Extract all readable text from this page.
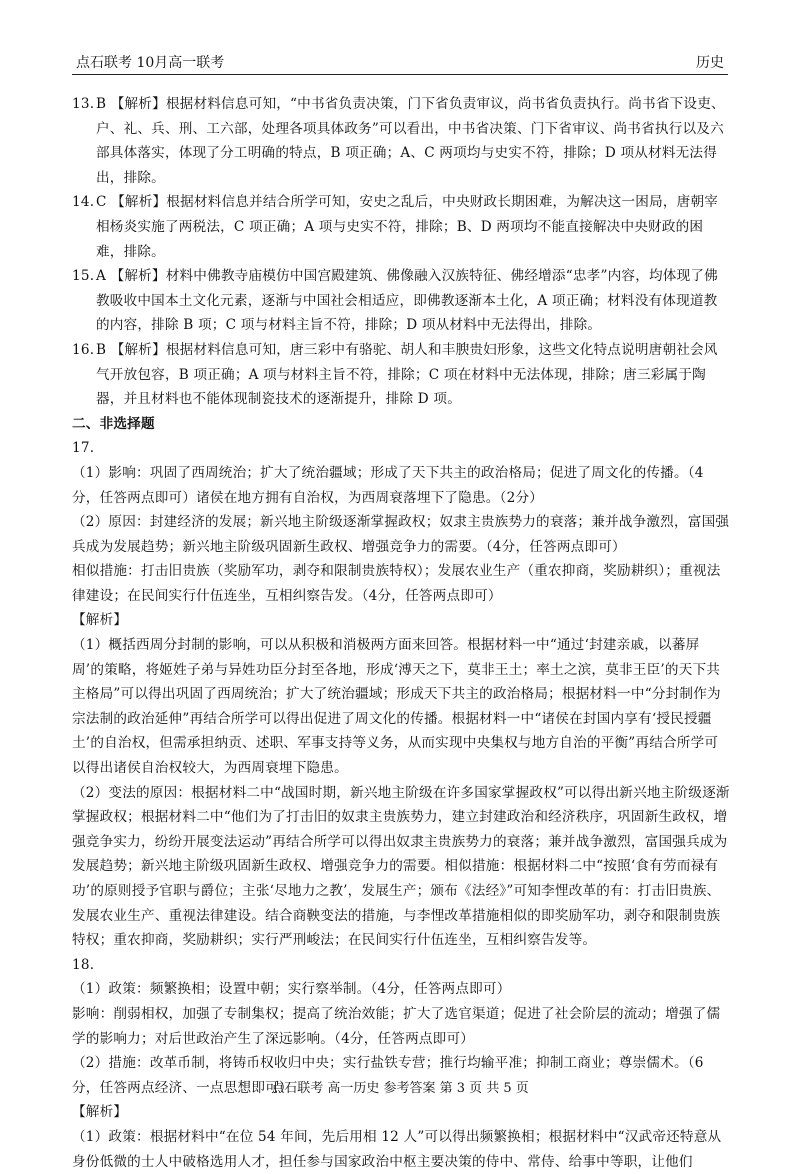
点石联考 10月高一联考	历史
13. B 【解析】根据材料信息可知，“中书省负责决策，门下省负责审议，尚书省负责执行。尚书省下设吏、户、礼、兵、刑、工六部，处理各项具体政务”可以看出，中书省决策、门下省审议、尚书省执行以及六部具体落实，体现了分工明确的特点，B 项正确；A、C 两项均与史实不符，排除；D 项从材料无法得出，排除。
14. C 【解析】根据材料信息并结合所学可知，安史之乱后，中央财政长期困难，为解决这一困局，唐朝宰相杨炎实施了两税法，C 项正确；A 项与史实不符，排除；B、D 两项均不能直接解决中央财政的困难，排除。
15. A 【解析】材料中佛教寺庙模仿中国宫殿建筑、佛像融入汉族特征、佛经增添“忠孝”内容，均体现了佛教吸收中国本土文化元素，逐渐与中国社会相适应，即佛教逐渐本土化，A 项正确；材料没有体现道教的内容，排除 B 项；C 项与材料主旨不符，排除；D 项从材料中无法得出，排除。
16. B 【解析】根据材料信息可知，唐三彩中有骆驼、胡人和丰腴贵妇形象，这些文化特点说明唐朝社会风气开放包容，B 项正确；A 项与材料主旨不符，排除；C 项在材料中无法体现，排除；唐三彩属于陶器，并且材料也不能体现制瓷技术的逐渐提升，排除 D 项。

二、非选择题

17.

（1）影响：巩固了西周统治；扩大了统治疆域；形成了天下共主的政治格局；促进了周文化的传播。（4分，任答两点即可）诸侯在地方拥有自治权，为西周衰落埋下了隐患。（2分）

（2）原因：封建经济的发展；新兴地主阶级逐渐掌握政权；奴隶主贵族势力的衰落；兼并战争激烈，富国强兵成为发展趋势；新兴地主阶级巩固新生政权、增强竞争力的需要。（4分，任答两点即可）

相似措施：打击旧贵族（奖励军功，剥夺和限制贵族特权）；发展农业生产（重农抑商，奖励耕织）；重视法律建设；在民间实行什伍连坐，互相纠察告发。（4分，任答两点即可）

【解析】

（1）概括西周分封制的影响，可以从积极和消极两方面来回答。根据材料一中“通过‘封建亲戚，以蕃屏周’的策略，将姬姓子弟与异姓功臣分封至各地，形成‘溥天之下，莫非王土；率土之滨，莫非王臣’的天下共主格局”可以得出巩固了西周统治；扩大了统治疆域；形成天下共主的政治格局；根据材料一中“分封制作为宗法制的政治延伸”再结合所学可以得出促进了周文化的传播。根据材料一中“诸侯在封国内享有‘授民授疆土’的自治权，但需承担纳贡、述职、军事支持等义务，从而实现中央集权与地方自治的平衡”再结合所学可以得出诸侯自治权较大，为西周衰埋下隐患。

（2）变法的原因：根据材料二中“战国时期，新兴地主阶级在许多国家掌握政权”可以得出新兴地主阶级逐渐掌握政权；根据材料二中“他们为了打击旧的奴隶主贵族势力，建立封建政治和经济秩序，巩固新生政权，增强竞争实力，纷纷开展变法运动”再结合所学可以得出奴隶主贵族势力的衰落；兼并战争激烈，富国强兵成为发展趋势；新兴地主阶级巩固新生政权、增强竞争力的需要。相似措施：根据材料二中“按照‘食有劳而禄有功’的原则授予官职与爵位；主张‘尽地力之教’，发展生产；颁布《法经》”可知李悝改革的有：打击旧贵族、发展农业生产、重视法律建设。结合商鞅变法的措施，与李悝改革措施相似的即奖励军功，剥夺和限制贵族特权；重农抑商，奖励耕织；实行严刑峻法；在民间实行什伍连坐，互相纠察告发等。

18.

（1）政策：频繁换相；设置中朝；实行察举制。（4分，任答两点即可）

影响：削弱相权，加强了专制集权；提高了统治效能；扩大了选官渠道；促进了社会阶层的流动；增强了儒学的影响力；对后世政治产生了深远影响。（4分，任答两点即可）

（2）措施：改革币制，将铸币权收归中央；实行盐铁专营；推行均输平准；抑制工商业；尊崇儒术。（6分，任答两点经济、一点思想即可）

【解析】

（1）政策：根据材料中“在位 54 年间，先后用相 12 人”可以得出频繁换相；根据材料中“汉武帝还特意从身份低微的士人中破格选用人才，担任参与国家政治中枢主要决策的侍中、常侍、给事中等职，让他们

点石联考 高一历史 参考答案 第 3 页 共 5 页
